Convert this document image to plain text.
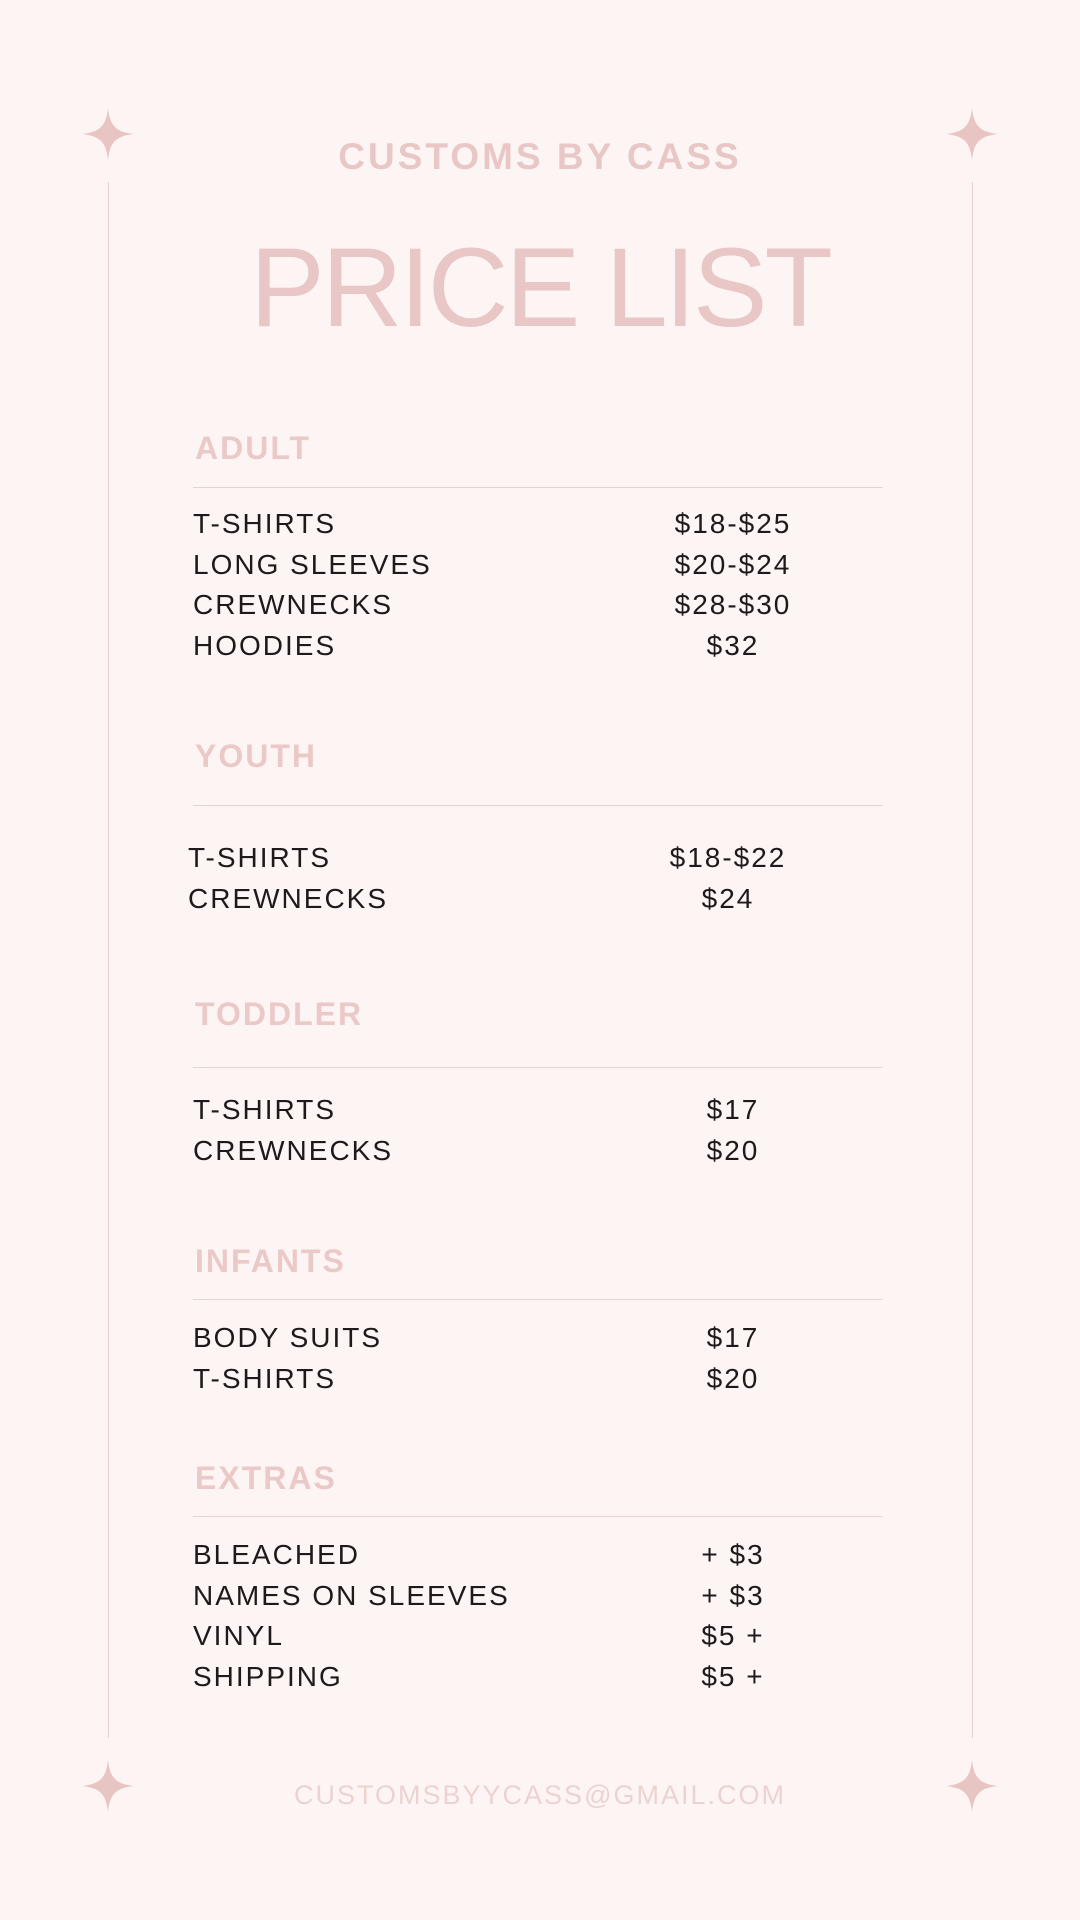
CUSTOMS BY CASS
PRICE LIST
ADULT
T-SHIRTS	$18-$25
LONG SLEEVES	$20-$24
CREWNECKS	$28-$30
HOODIES	$32
YOUTH
T-SHIRTS	$18-$22
CREWNECKS	$24
TODDLER
T-SHIRTS	$17
CREWNECKS	$20
INFANTS
BODY SUITS	$17
T-SHIRTS	$20
EXTRAS
BLEACHED	+ $3
NAMES ON SLEEVES	+ $3
VINYL	$5 +
SHIPPING	$5 +
CUSTOMSBYYCASS@GMAIL.COM
